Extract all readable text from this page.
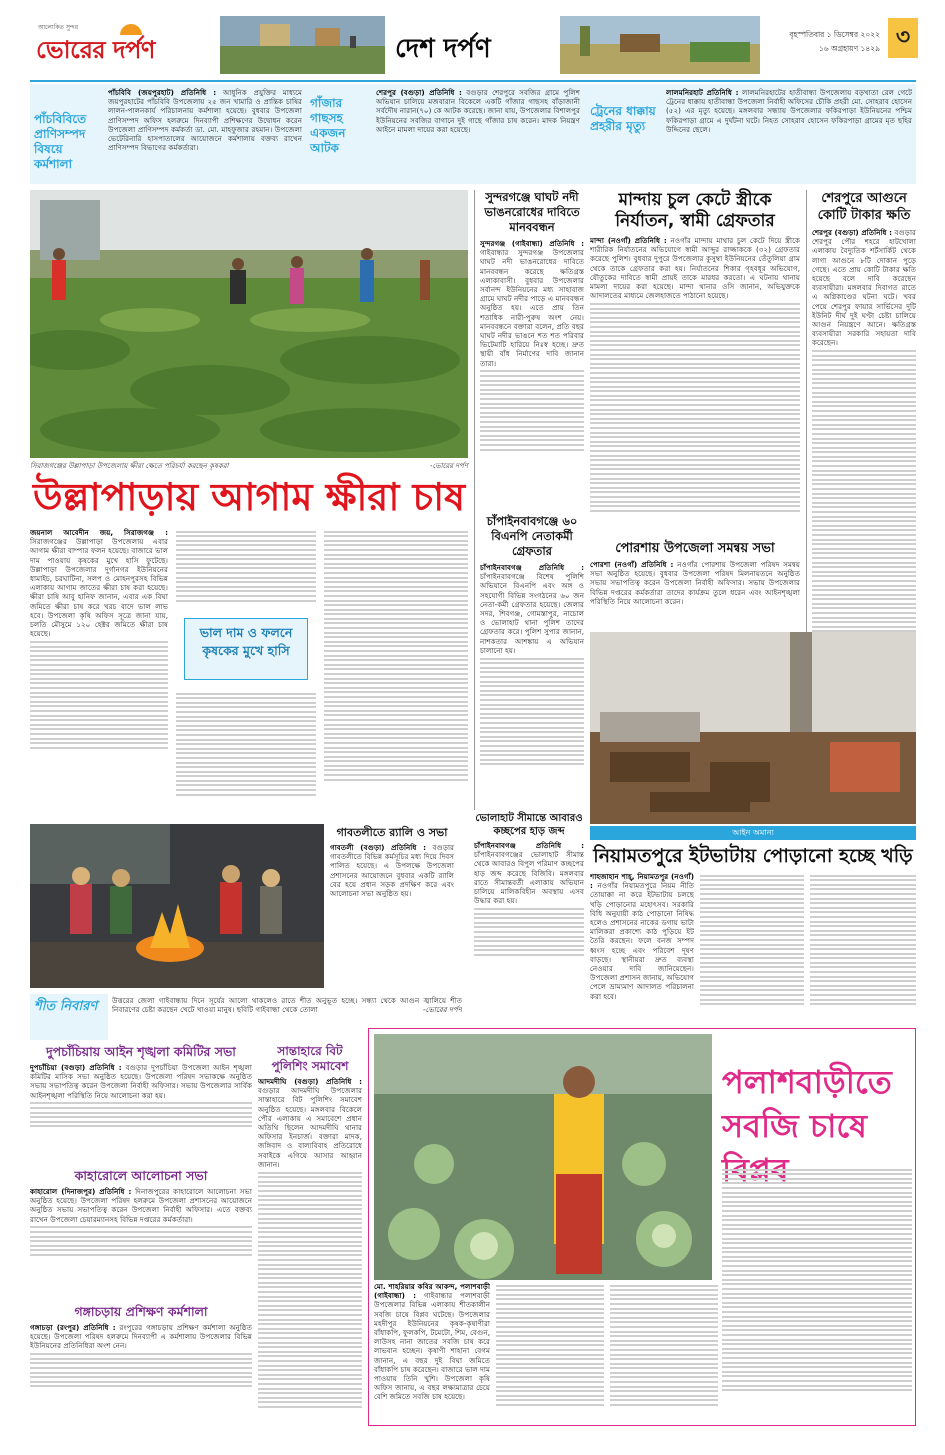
আলোকিত সুন্দর
ভোরের দর্পণ	দেশ দর্পণ	বৃহস্পতিবার ১ ডিসেম্বর ২০২২
১৬ অগ্রহায়ণ ১৪২৯ ৩
পাঁচবিবিতে প্রাণিসম্পদ বিষয়ে কর্মশালা
পাঁচবিবি (জয়পুরহাট) প্রতিনিধি : আধুনিক প্রযুক্তির মাধ্যমে জয়পুরহাটের পাঁচবিবি উপজেলায় ২৫ জন খামারি ও প্রান্তিক চাষির লালন-পালনকার্য পরিচালনায় কর্মশালা হয়েছে। বুধবার উপজেলা প্রাণিসম্পদ অফিস হলরুমে দিনব্যাপী প্রশিক্ষণের উদ্বোধন করেন উপজেলা প্রাণিসম্পদ কর্মকর্তা ডা. মো. মাহফুজার রহমান। উপজেলা ভেটেরিনারি হাসপাতালের আয়োজনে কর্মশালায় বক্তব্য রাখেন প্রাণিসম্পদ বিভাগের কর্মকর্তারা।
গাঁজার গাছসহ একজন আটক
শেরপুর (বগুড়া) প্রতিনিধি : বগুড়ার শেরপুরে সবজির গ্রামে পুলিশ অভিযান চালিয়ে মজবারান বিকেলে একটি গাঁজার গাছসহ বাঁড়াজানী সর্বদৌষ নারান(৭০) কে আটক করেছে। জানা যায়, উপজেলার বিশালপুর ইউনিয়নের সবজির বাগানে দুই গাছে গাঁজার চাষ করেন। মাদক নিয়ন্ত্রণ আইনে মামলা দায়ের করা হয়েছে।
ট্রেনের ধাক্কায় প্রহরীর মৃত্যু
লালমনিরহাট প্রতিনিধি : লালমনিরহাটের হাতীবান্ধা উপজেলায় বড়খাতা রেল গেটে ট্রেনের ধাক্কায় হাতীবান্ধা উপজেলা নির্বাহী অফিসের চৌকি প্রহরী মো. সোহরাব হোসেন (৫২) এর মৃত্যু হয়েছে। মঙ্গলবার সন্ধ্যায় উপজেলার ফকিরপাড়া ইউনিয়নের পশ্চিম ফকিরপাড়া গ্রামে এ দুর্ঘটনা ঘটে। নিহত সোহরাব হোসেন ফকিরপাড়া গ্রামের মৃত ছহির উদ্দিনের ছেলে।
সিরাজগঞ্জের উল্লাপাড়া উপজেলায় ক্ষীরা ক্ষেতে পরিচর্যা করছেন কৃষকরা	-ভোরের দর্পণ
উল্লাপাড়ায় আগাম ক্ষীরা চাষ
জয়নাল আবেদীন জয়, সিরাজগঞ্জ : সিরাজগঞ্জের উল্লাপাড়া উপজেলায় এবার আগাম ক্ষীরা বাম্পার ফলন হয়েছে। বাজারে ভাল দাম পাওয়ায় কৃষকের মুখে হাসি ফুটেছে। উল্লাপাড়া উপজেলার দুর্গানগর ইউনিয়নের ধামাইচ, চরঘাটিনা, সলপ ও মোহনপুরসহ বিভিন্ন এলাকায় আগাম জাতের ক্ষীরা চাষ করা হয়েছে। ক্ষীরা চাষি আবু হানিফ জানান, এবার এক বিঘা জমিতে ক্ষীরা চাষ করে খরচ বাদে ভাল লাভ হবে। উপজেলা কৃষি অফিস সূত্রে জানা যায়, চলতি মৌসুমে ১২০ হেক্টর জমিতে ক্ষীরা চাষ হয়েছে।	ভাল দাম ও ফলনে কৃষকের মুখে হাসি
সুন্দরগঞ্জে ঘাঘট নদী ভাঙনরোধের দাবিতে মানববন্ধন
সুন্দরগঞ্জ (গাইবান্ধা) প্রতিনিধি : গাইবান্ধার সুন্দরগঞ্জ উপজেলার ঘাঘট নদী ভাঙনরোধের দাবিতে মানববন্ধন করেছে ক্ষতিগ্রস্ত এলাকাবাসী। বুধবার উপজেলার সর্বানন্দ ইউনিয়নের মধ্য সাহাবাজ গ্রামে ঘাঘট নদীর পাড়ে এ মানববন্ধন অনুষ্ঠিত হয়। এতে প্রায় তিন শতাধিক নারী-পুরুষ অংশ নেয়। মানববন্ধনে বক্তারা বলেন, প্রতি বছর ঘাঘট নদীর ভাঙনে শত শত পরিবার ভিটেমাটি হারিয়ে নিঃস্ব হচ্ছে। দ্রুত স্থায়ী বাঁধ নির্মাণের দাবি জানান তারা।
চাঁপাইনবাবগঞ্জে ৬০ বিএনপি নেতাকর্মী গ্রেফতার
চাঁপাইনবাবগঞ্জ প্রতিনিধি : চাঁপাইনবাবগঞ্জে বিশেষ পুলিশি অভিযানে বিএনপি এবং অঙ্গ ও সহযোগী বিভিন্ন সংগঠনের ৬০ জন নেতা-কর্মী গ্রেফতার হয়েছে। জেলার সদর, শিবগঞ্জ, গোমস্তাপুর, নাচোল ও ভোলাহাট থানা পুলিশ তাদের গ্রেফতার করে। পুলিশ সুপার জানান, নাশকতার আশঙ্কায় এ অভিযান চালানো হয়।
মান্দায় চুল কেটে স্ত্রীকে নির্যাতন, স্বামী গ্রেফতার
মান্দা (নওগাঁ) প্রতিনিধি : নওগাঁর মান্দায় মাথার চুল কেটে দিয়ে স্ত্রীকে শারীরিক নির্যাতনের অভিযোগে স্বামী আব্দুর রাজ্জাককে (৩২) গ্রেফতার করেছে পুলিশ। বুধবার দুপুরে উপজেলার কুসুম্বা ইউনিয়নের তেঁতুলিয়া গ্রাম থেকে তাকে গ্রেফতার করা হয়। নির্যাতনের শিকার গৃহবধূর অভিযোগ, যৌতুকের দাবিতে স্বামী প্রায়ই তাকে মারধর করতো। এ ঘটনায় থানায় মামলা দায়ের করা হয়েছে। মান্দা থানার ওসি জানান, অভিযুক্তকে আদালতের মাধ্যমে জেলহাজতে পাঠানো হয়েছে।
শেরপুরে আগুনে কোটি টাকার ক্ষতি
শেরপুর (বগুড়া) প্রতিনিধি : বগুড়ার শেরপুর পৌর শহরে হাটখোলা এলাকায় বৈদ্যুতিক শর্টসার্কিট থেকে লাগা আগুনে ৮টি দোকান পুড়ে গেছে। এতে প্রায় কোটি টাকার ক্ষতি হয়েছে বলে দাবি করেছেন ব্যবসায়ীরা। মঙ্গলবার দিবাগত রাতে এ অগ্নিকাণ্ডের ঘটনা ঘটে। খবর পেয়ে শেরপুর ফায়ার সার্ভিসের দুটি ইউনিট দীর্ঘ দুই ঘণ্টা চেষ্টা চালিয়ে আগুন নিয়ন্ত্রণে আনে। ক্ষতিগ্রস্ত ব্যবসায়ীরা সরকারি সহায়তা দাবি করেছেন।
পোরশায় উপজেলা সমন্বয় সভা
পোরশা (নওগাঁ) প্রতিনিধি : নওগাঁর পোরশায় উপজেলা পরিষদ সমন্বয় সভা অনুষ্ঠিত হয়েছে। বুধবার উপজেলা পরিষদ মিলনায়তনে অনুষ্ঠিত সভায় সভাপতিত্ব করেন উপজেলা নির্বাহী অফিসার। সভায় উপজেলার বিভিন্ন দপ্তরের কর্মকর্তারা তাদের কার্যক্রম তুলে ধরেন এবং আইনশৃঙ্খলা পরিস্থিতি নিয়ে আলোচনা করেন।
আইন অমান্য
নিয়ামতপুরে ইটভাটায় পোড়ানো হচ্ছে খড়ি
শাহজাহান শাহ্, নিয়ামতপুর (নওগাঁ) : নওগাঁর নিয়ামতপুরে নিয়ম নীতি তোয়াক্কা না করে ইটভাটায় চলছে খড়ি পোড়ানোর মহোৎসব। সরকারি বিধি অনুযায়ী কাঠ পোড়ানো নিষিদ্ধ হলেও প্রশাসনের নাকের ডগায় ভাটা মালিকরা প্রকাশ্যে কাঠ পুড়িয়ে ইট তৈরি করছেন। ফলে বনজ সম্পদ ধ্বংস হচ্ছে এবং পরিবেশ দূষণ বাড়ছে। স্থানীয়রা দ্রুত ব্যবস্থা নেওয়ার দাবি জানিয়েছেন। উপজেলা প্রশাসন জানায়, অভিযোগ পেলে ভ্রাম্যমাণ আদালত পরিচালনা করা হবে।
গাবতলীতে র‍্যালি ও সভা
গাবতলী (বগুড়া) প্রতিনিধি : বগুড়ার গাবতলীতে বিভিন্ন কর্মসূচির মধ্য দিয়ে দিবস পালিত হয়েছে। এ উপলক্ষে উপজেলা প্রশাসনের আয়োজনে বুধবার একটি র‍্যালি বের হয়ে প্রধান সড়ক প্রদক্ষিণ করে এবং আলোচনা সভা অনুষ্ঠিত হয়।
ভোলাহাট সীমান্তে আবারও কচ্ছপের হাড় জব্দ
চাঁপাইনবাবগঞ্জ প্রতিনিধি : চাঁপাইনবাবগঞ্জের ভোলাহাট সীমান্ত থেকে আবারও বিপুল পরিমাণ কচ্ছপের হাড় জব্দ করেছে বিজিবি। মঙ্গলবার রাতে সীমান্তবর্তী এলাকায় অভিযান চালিয়ে মালিকবিহীন অবস্থায় এসব উদ্ধার করা হয়।
শীত নিবারণ	উত্তরের জেলা গাইবান্ধায় দিনে সূর্যের আলো থাকলেও রাতে শীত অনুভূত হচ্ছে। সন্ধ্যা থেকে আগুন জ্বালিয়ে শীত নিবারণের চেষ্টা করছেন খেটে খাওয়া মানুষ। ছবিটি গাইবান্ধা থেকে তোলা	-ভোরের দর্পণ
দুপচাঁচিয়ায় আইন শৃঙ্খলা কমিটির সভা
দুপচাঁচিয়া (বগুড়া) প্রতিনিধি : বগুড়ার দুপচাঁচিয়া উপজেলা আইন শৃঙ্খলা কমিটির মাসিক সভা অনুষ্ঠিত হয়েছে। উপজেলা পরিষদ সভাকক্ষে অনুষ্ঠিত সভায় সভাপতিত্ব করেন উপজেলা নির্বাহী অফিসার। সভায় উপজেলার সার্বিক আইনশৃঙ্খলা পরিস্থিতি নিয়ে আলোচনা করা হয়।
কাহারোলে আলোচনা সভা
কাহারোল (দিনাজপুর) প্রতিনিধি : দিনাজপুরের কাহারোলে আলোচনা সভা অনুষ্ঠিত হয়েছে। উপজেলা পরিষদ হলরুমে উপজেলা প্রশাসনের আয়োজনে অনুষ্ঠিত সভায় সভাপতিত্ব করেন উপজেলা নির্বাহী অফিসার। এতে বক্তব্য রাখেন উপজেলা চেয়ারম্যানসহ বিভিন্ন দপ্তরের কর্মকর্তারা।
গঙ্গাচড়ায় প্রশিক্ষণ কর্মশালা
গঙ্গাচড়া (রংপুর) প্রতিনিধি : রংপুরের গঙ্গাচড়ায় প্রশিক্ষণ কর্মশালা অনুষ্ঠিত হয়েছে। উপজেলা পরিষদ হলরুমে দিনব্যাপী এ কর্মশালায় উপজেলার বিভিন্ন ইউনিয়নের প্রতিনিধিরা অংশ নেন।
সান্তাহারে বিট পুলিশিং সমাবেশ
আদমদীঘি (বগুড়া) প্রতিনিধি : বগুড়ার আদমদীঘি উপজেলার সান্তাহারে বিট পুলিশিং সমাবেশ অনুষ্ঠিত হয়েছে। মঙ্গলবার বিকেলে পৌর এলাকায় এ সমাবেশে প্রধান অতিথি ছিলেন আদমদীঘি থানার অফিসার ইনচার্জ। বক্তারা মাদক, জঙ্গিবাদ ও বাল্যবিবাহ প্রতিরোধে সবাইকে এগিয়ে আসার আহ্বান জানান।
পলাশবাড়ীতে সবজি চাষে
মো. শাহরিয়ার কবির আকন্দ, পলাশবাড়ী (গাইবান্ধা) : গাইবান্ধার পলাশবাড়ী উপজেলার বিভিন্ন এলাকায় শীতকালীন সবজি চাষে বিপ্লব ঘটেছে। উপজেলার মহদীপুর ইউনিয়নের কৃষক-কৃষাণীরা বাঁধাকপি, ফুলকপি, টমেটো, শিম, বেগুন, লাউসহ নানা জাতের সবজি চাষ করে লাভবান হচ্ছেন। কৃষাণী শাহানা বেগম জানান, এ বছর দুই বিঘা জমিতে বাঁধাকপি চাষ করেছেন। বাজারে ভাল দাম পাওয়ায় তিনি খুশি। উপজেলা কৃষি অফিস জানায়, এ বছর লক্ষ্যমাত্রার চেয়ে বেশি জমিতে সবজি চাষ হয়েছে।
